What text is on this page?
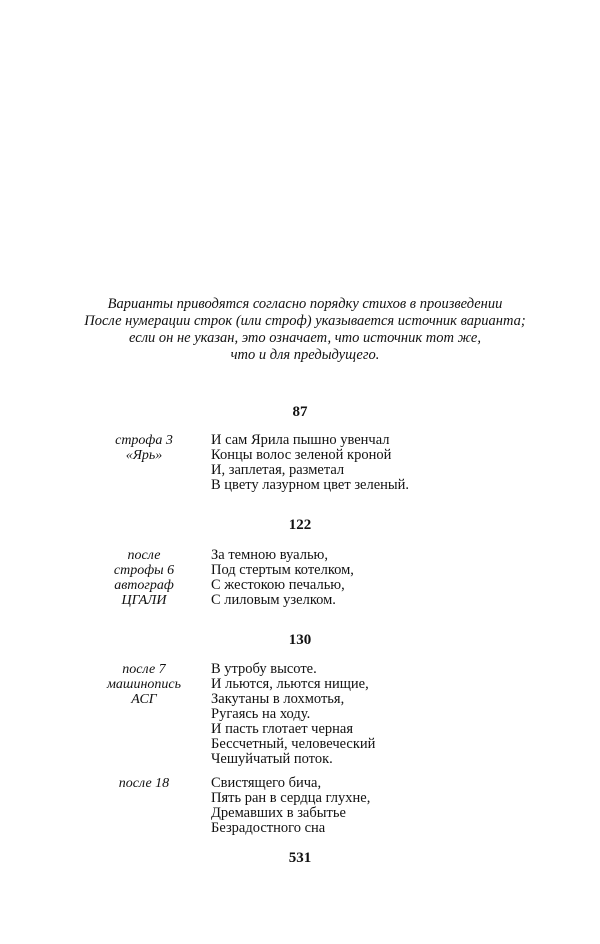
Варианты приводятся согласно порядку стихов в произведении
После нумерации строк (или строф) указывается источник варианта;
если он не указан, это означает, что источник тот же,
что и для предыдущего.
87
строфа 3
«Ярь»
И сам Ярила пышно увенчал
Концы волос зеленой кроной
И, заплетая, разметал
В цвету лазурном цвет зеленый.
122
после
строфы 6
автограф
ЦГАЛИ
За темною вуалью,
Под стертым котелком,
С жестокою печалью,
С лиловым узелком.
130
после 7
машинопись
АСГ
В утробу высоте.
И льются, льются нищие,
Закутаны в лохмотья,
Ругаясь на ходу.
И пасть глотает черная
Бессчетный, человеческий
Чешуйчатый поток.
после 18	Свистящего бича,
Пять ран в сердца глухне,
Дремавших в забытье
Безрадостного сна
531
